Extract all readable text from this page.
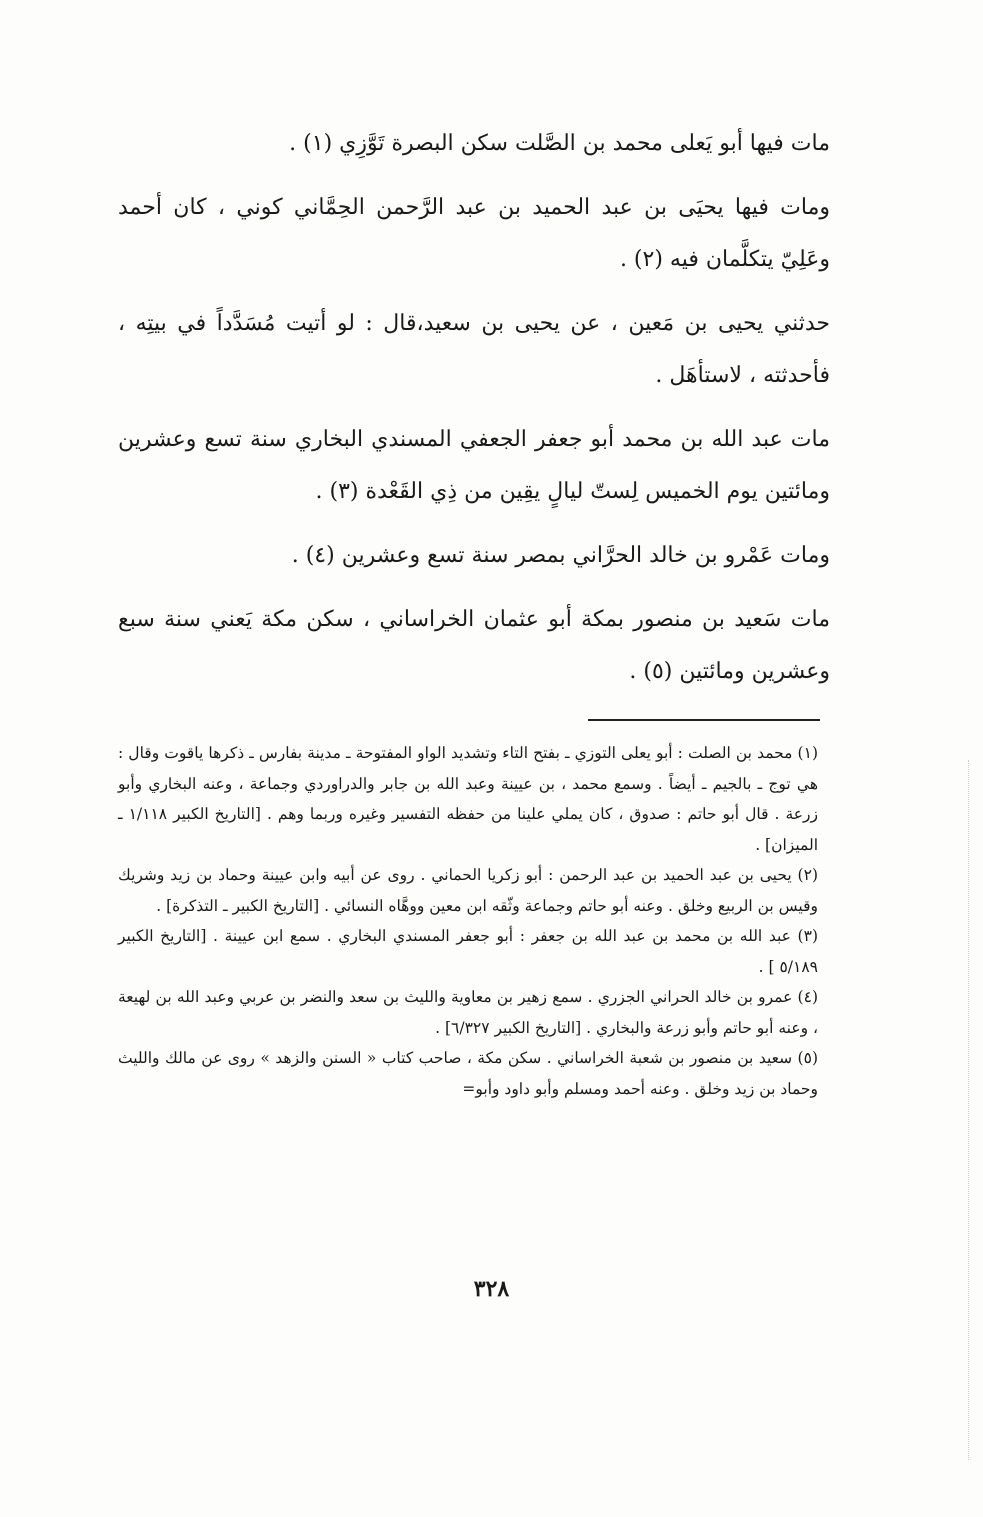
مات فيها أبو يَعلى محمد بن الصَّلت سكن البصرة تَوَّزِي (١) .

ومات فيها يحيَى بن عبد الحميد بن عبد الرَّحمن الحِمَّاني كوني ، كان أحمد وعَلِيّ يتكلَّمان فيه (٢) .

حدثني يحيى بن مَعين ، عن يحيى بن سعيد،قال : لو أتيت مُسَدَّداً في بيتِه ، فأحدثته ، لاستأهَل .

مات عبد الله بن محمد أبو جعفر الجعفي المسندي البخاري سنة تسع وعشرين ومائتين يوم الخميس لِستّ ليالٍ يقِين من ذِي القَعْدة (٣) .

ومات عَمْرو بن خالد الحرَّاني بمصر سنة تسع وعشرين (٤) .

مات سَعيد بن منصور بمكة أبو عثمان الخراساني ، سكن مكة يَعني سنة سبع وعشرين ومائتين (٥) .

(١) محمد بن الصلت : أبو يعلى التوزي ـ بفتح التاء وتشديد الواو المفتوحة ـ مدينة بفارس ـ ذكرها ياقوت وقال : هي توج ـ بالجيم ـ أيضاً . وسمع محمد ، بن عيينة وعبد الله بن جابر والدراوردي وجماعة ، وعنه البخاري وأبو زرعة . قال أبو حاتم : صدوق ، كان يملي علينا من حفظه التفسير وغيره وربما وهم . [التاريخ الكبير ١/١١٨ ـ الميزان] .

(٢) يحيى بن عبد الحميد بن عبد الرحمن : أبو زكريا الحماني . روى عن أبيه وابن عيينة وحماد بن زيد وشريك وقيس بن الربيع وخلق . وعنه أبو حاتم وجماعة وثّقه ابن معين ووهَّاه النسائي . [التاريخ الكبير ـ التذكرة] .

(٣) عبد الله بن محمد بن عبد الله بن جعفر : أبو جعفر المسندي البخاري . سمع ابن عيينة . [التاريخ الكبير ٥/١٨٩ ] .

(٤) عمرو بن خالد الحراني الجزري . سمع زهير بن معاوية والليث بن سعد والنضر بن عربي وعبد الله بن لهيعة ، وعنه أبو حاتم وأبو زرعة والبخاري . [التاريخ الكبير ٦/٣٢٧] .

(٥) سعيد بن منصور بن شعبة الخراساني . سكن مكة ، صاحب كتاب « السنن والزهد » روى عن مالك والليث وحماد بن زيد وخلق . وعنه أحمد ومسلم وأبو داود وأبو=

٣٢٨
